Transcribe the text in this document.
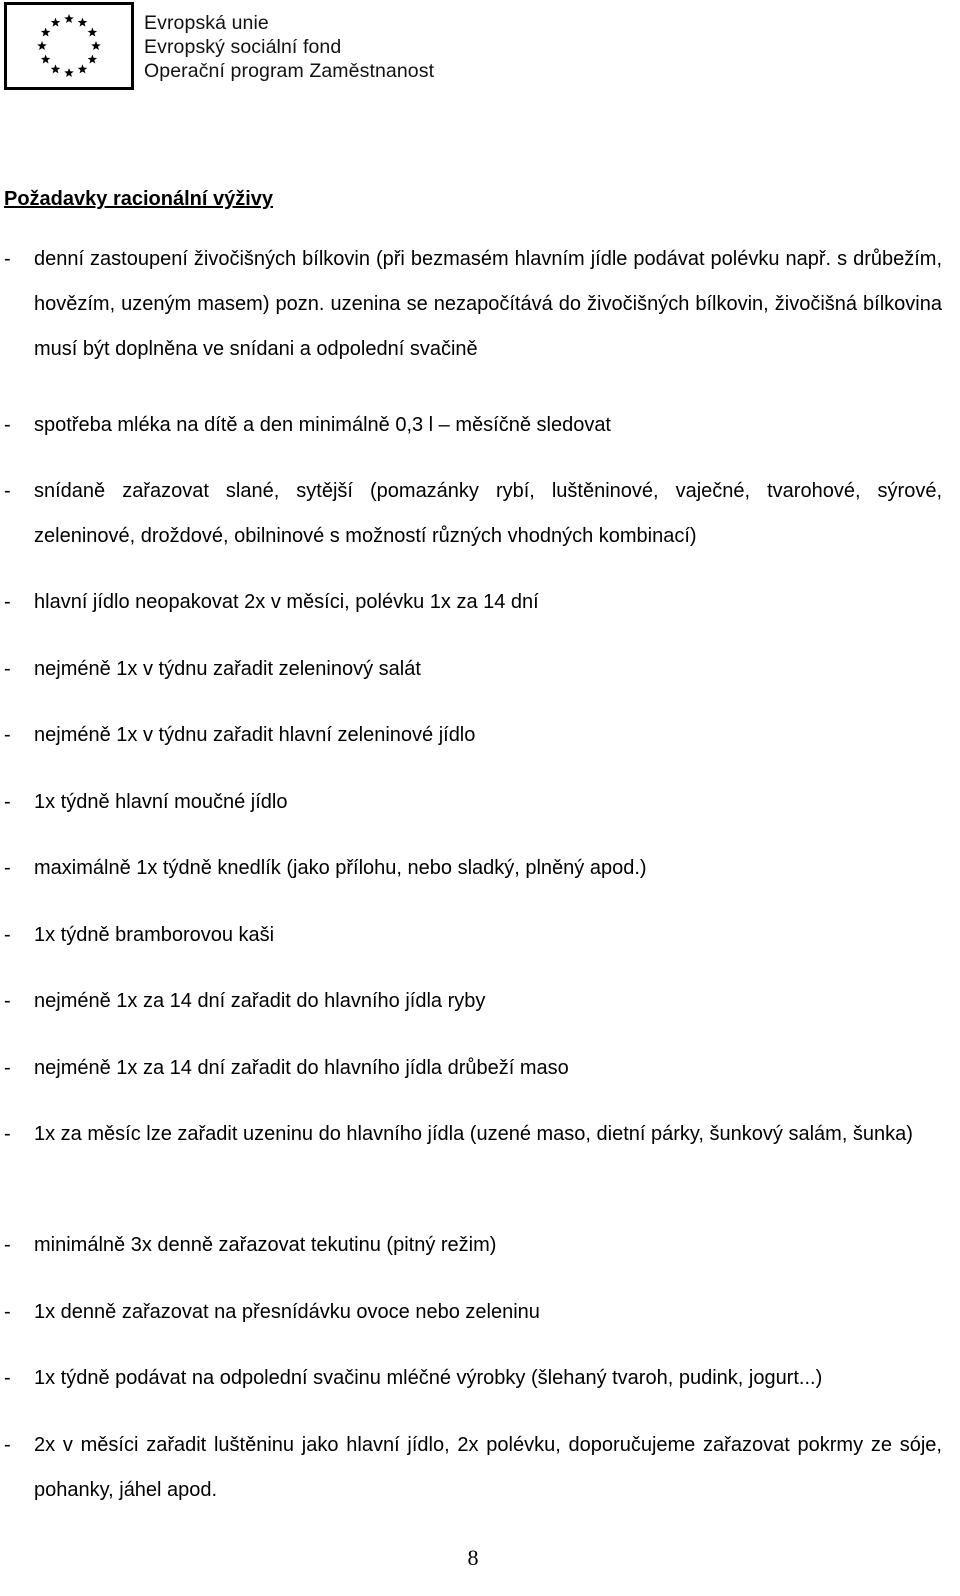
Evropská unie
Evropský sociální fond
Operační program Zaměstnanost
Požadavky racionální výživy
- denní zastoupení živočišných bílkovin (při bezmasém hlavním jídle podávat polévku např. s drůbežím, hovězím, uzeným masem) pozn. uzenina se nezapočítává do živočišných bílkovin, živočišná bílkovina musí být doplněna ve snídani a odpolední svačině
- spotřeba mléka na dítě a den minimálně 0,3 l – měsíčně sledovat
- snídaně zařazovat slané, sytější (pomazánky rybí, luštěninové, vaječné, tvarohové, sýrové, zeleninové, droždové, obilninové s možností různých vhodných kombinací)
- hlavní jídlo neopakovat 2x v měsíci, polévku 1x za 14 dní
- nejméně 1x v týdnu zařadit zeleninový salát
- nejméně 1x v týdnu zařadit hlavní zeleninové jídlo
- 1x týdně hlavní moučné jídlo
- maximálně 1x týdně knedlík (jako přílohu, nebo sladký, plněný apod.)
- 1x týdně bramborovou kaši
- nejméně 1x za 14 dní zařadit do hlavního jídla ryby
- nejméně 1x za 14 dní zařadit do hlavního jídla drůbeží maso
- 1x za měsíc lze zařadit uzeninu do hlavního jídla (uzené maso, dietní párky, šunkový salám, šunka)
- minimálně 3x denně zařazovat tekutinu (pitný režim)
- 1x denně zařazovat na přesnídávku ovoce nebo zeleninu
- 1x týdně podávat na odpolední svačinu mléčné výrobky (šlehaný tvaroh, pudink, jogurt...)
- 2x v měsíci zařadit luštěninu jako hlavní jídlo, 2x polévku, doporučujeme zařazovat pokrmy ze sóje, pohanky, jáhel apod.
8
